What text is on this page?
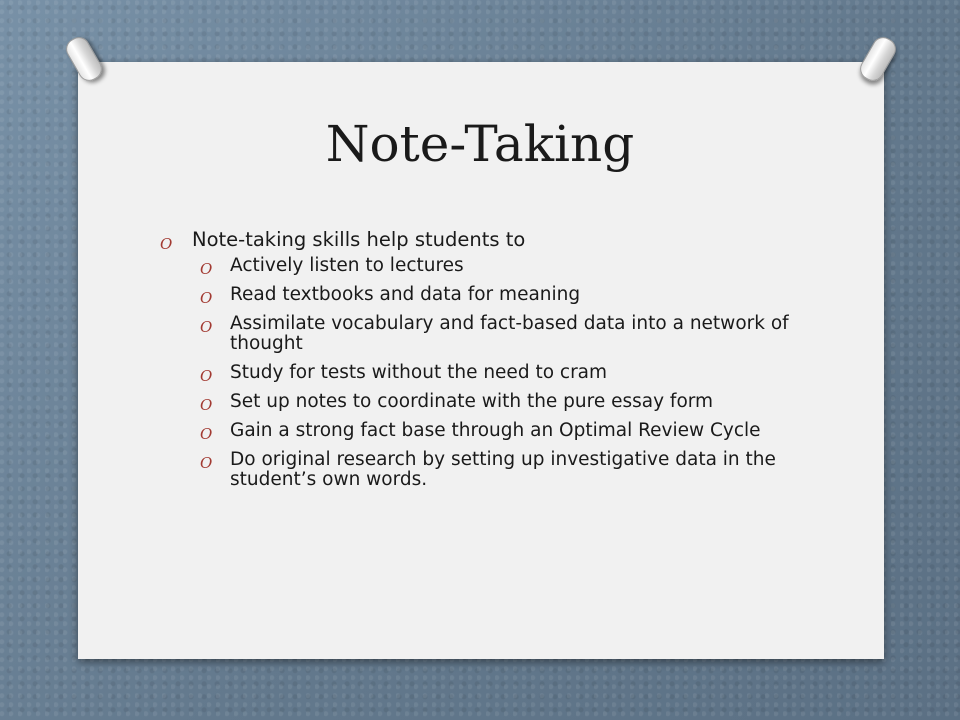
Note-Taking
O Note-taking skills help students to
O Actively listen to lectures
O Read textbooks and data for meaning
O Assimilate vocabulary and fact-based data into a network of thought
O Study for tests without the need to cram
O Set up notes to coordinate with the pure essay form
O Gain a strong fact base through an Optimal Review Cycle
O Do original research by setting up investigative data in the student’s own words.
